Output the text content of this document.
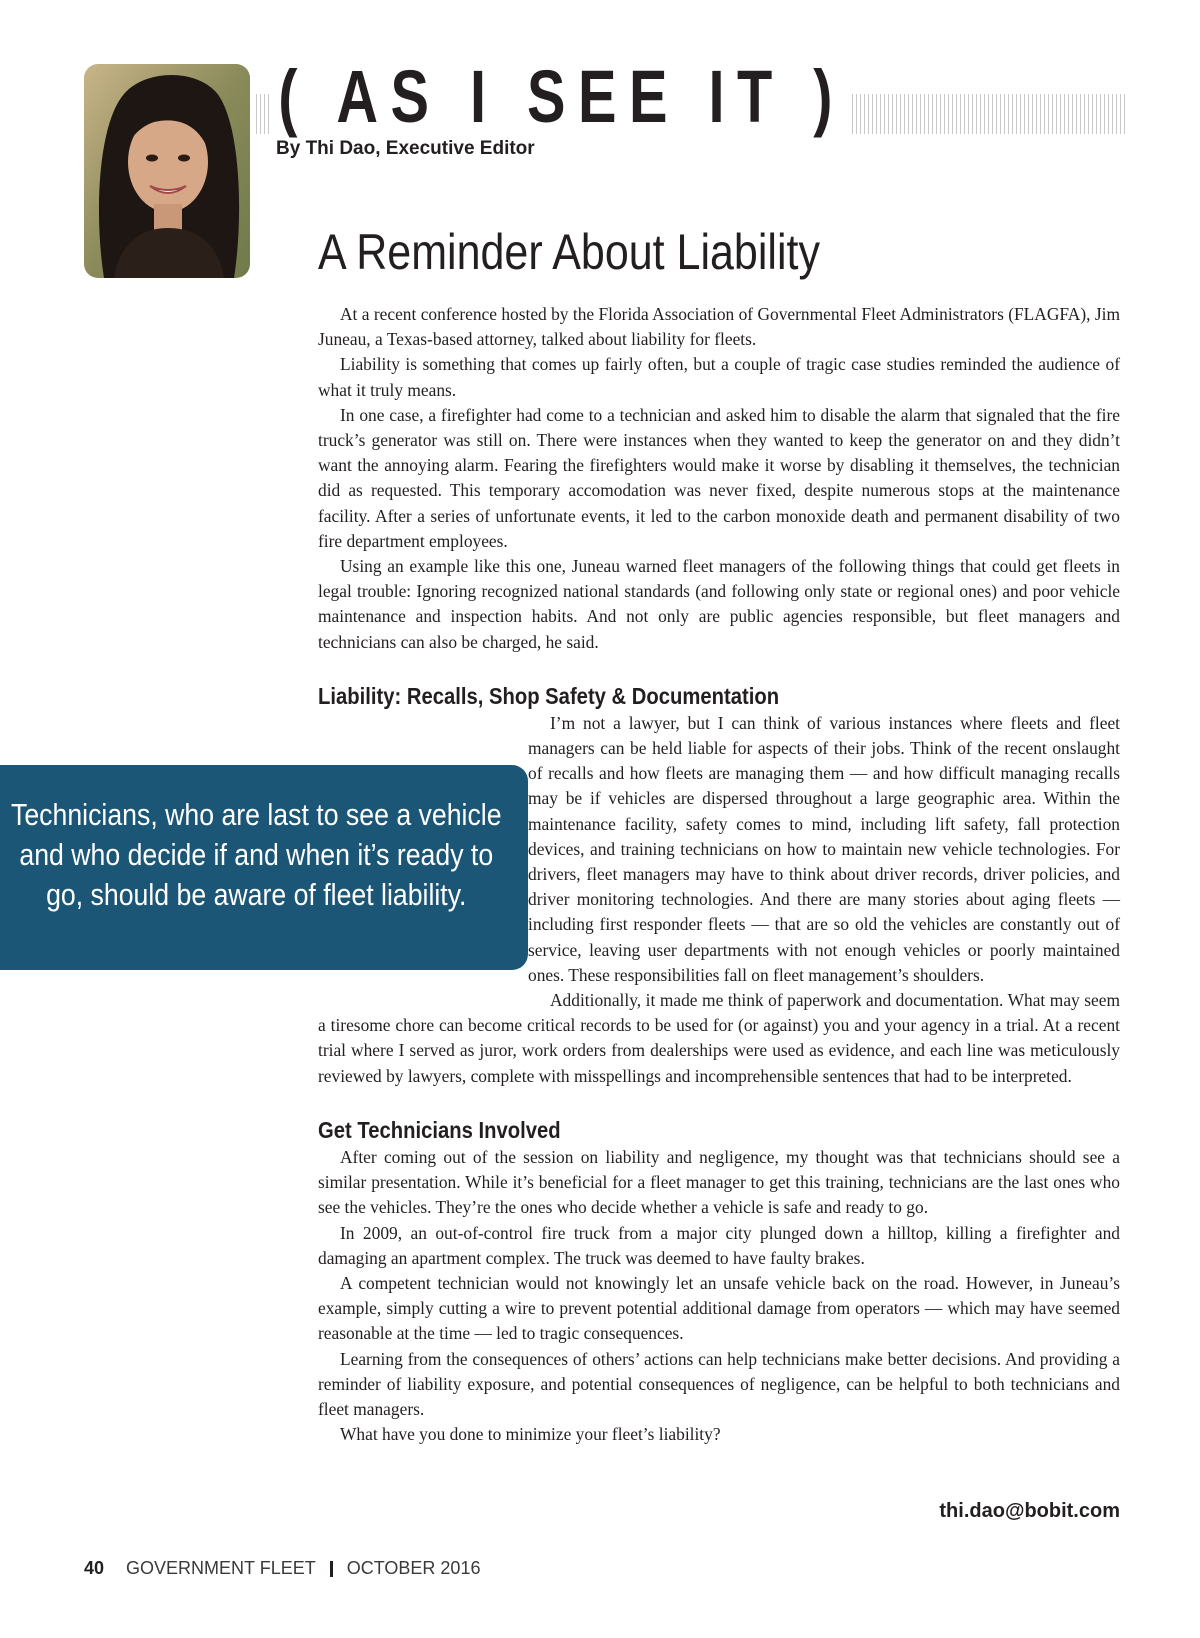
( AS I SEE IT )
By Thi Dao, Executive Editor
A Reminder About Liability

At a recent conference hosted by the Florida Association of Governmental Fleet Administrators (FLAGFA), Jim Juneau, a Texas-based attorney, talked about liability for fleets.

Liability is something that comes up fairly often, but a couple of tragic case studies reminded the audience of what it truly means.

In one case, a firefighter had come to a technician and asked him to disable the alarm that signaled that the fire truck’s generator was still on. There were instances when they wanted to keep the generator on and they didn’t want the annoying alarm. Fearing the firefighters would make it worse by disabling it themselves, the technician did as requested. This temporary accomodation was never fixed, despite numerous stops at the maintenance facility. After a series of unfortunate events, it led to the carbon monoxide death and permanent disability of two fire department employees.

Using an example like this one, Juneau warned fleet managers of the following things that could get fleets in legal trouble: Ignoring recognized national standards (and following only state or regional ones) and poor vehicle maintenance and inspection habits. And not only are public agencies responsible, but fleet managers and technicians can also be charged, he said.

Liability: Recalls, Shop Safety & Documentation

I’m not a lawyer, but I can think of various instances where fleets and fleet managers can be held liable for aspects of their jobs. Think of the recent onslaught of recalls and how fleets are managing them — and how difficult managing recalls may be if vehicles are dispersed throughout a large geographic area. Within the maintenance facility, safety comes to mind, including lift safety, fall protection devices, and training technicians on how to maintain new vehicle technologies. For drivers, fleet managers may have to think about driver records, driver policies, and driver monitoring technologies. And there are many stories about aging fleets — including first responder fleets — that are so old the vehicles are constantly out of service, leaving user departments with not enough vehicles or poorly maintained ones. These responsibilities fall on fleet management’s shoulders.

Additionally, it made me think of paperwork and documentation. What may seem a tiresome chore can become critical records to be used for (or against) you and your agency in a trial. At a recent trial where I served as juror, work orders from dealerships were used as evidence, and each line was meticulously reviewed by lawyers, complete with misspellings and incomprehensible sentences that had to be interpreted.

Get Technicians Involved

After coming out of the session on liability and negligence, my thought was that technicians should see a similar presentation. While it’s beneficial for a fleet manager to get this training, technicians are the last ones who see the vehicles. They’re the ones who decide whether a vehicle is safe and ready to go.

In 2009, an out-of-control fire truck from a major city plunged down a hilltop, killing a firefighter and damaging an apartment complex. The truck was deemed to have faulty brakes.

A competent technician would not knowingly let an unsafe vehicle back on the road. However, in Juneau’s example, simply cutting a wire to prevent potential additional damage from operators — which may have seemed reasonable at the time — led to tragic consequences.

Learning from the consequences of others’ actions can help technicians make better decisions. And providing a reminder of liability exposure, and potential consequences of negligence, can be helpful to both technicians and fleet managers.

What have you done to minimize your fleet’s liability?

Technicians, who are last to see a vehicle and who decide if and when it’s ready to go, should be aware of fleet liability.
thi.dao@bobit.com
40 GOVERNMENT FLEET OCTOBER 2016
